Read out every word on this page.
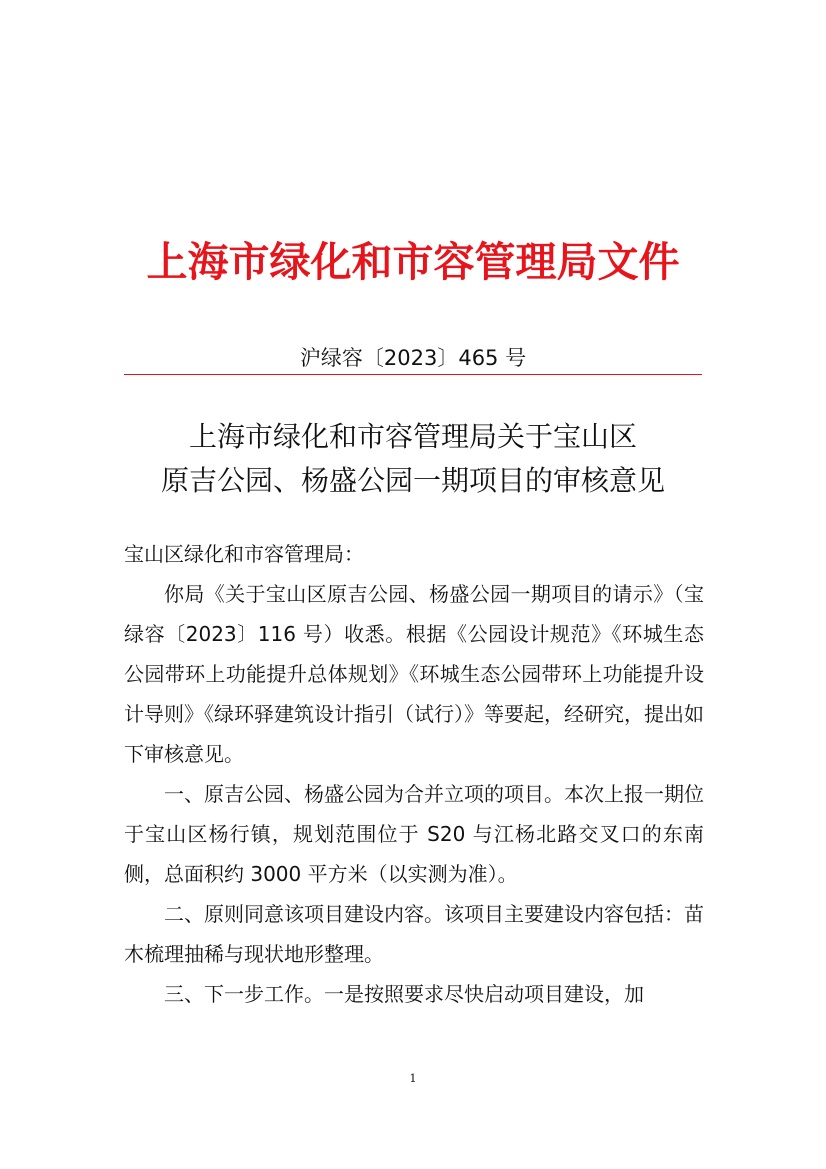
上海市绿化和市容管理局文件
沪绿容〔2023〕465 号
上海市绿化和市容管理局关于宝山区
原吉公园、杨盛公园一期项目的审核意见

宝山区绿化和市容管理局：

你局《关于宝山区原吉公园、杨盛公园一期项目的请示》（宝绿容〔2023〕116 号）收悉。根据《公园设计规范》《环城生态公园带环上功能提升总体规划》《环城生态公园带环上功能提升设计导则》《绿环驿建筑设计指引（试行）》等要起，经研究，提出如下审核意见。

一、原吉公园、杨盛公园为合并立项的项目。本次上报一期位于宝山区杨行镇，规划范围位于 S20 与江杨北路交叉口的东南侧，总面积约 3000 平方米（以实测为准）。

二、原则同意该项目建设内容。该项目主要建设内容包括：苗木梳理抽稀与现状地形整理。

三、下一步工作。一是按照要求尽快启动项目建设，加

1
